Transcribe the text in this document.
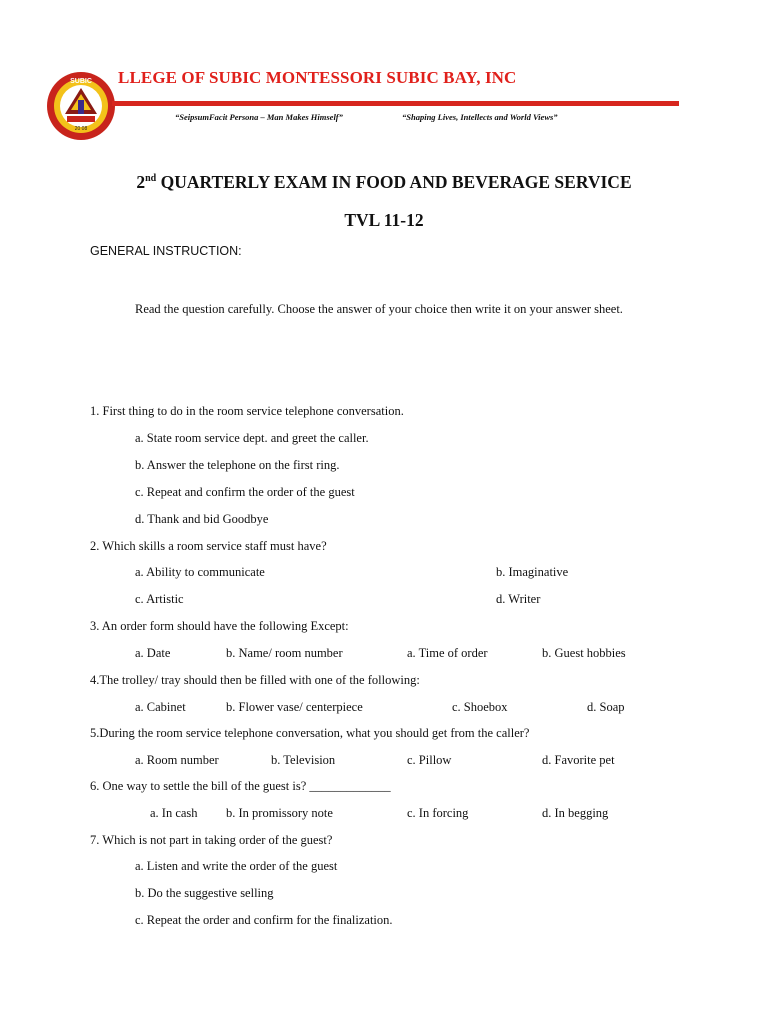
SUBIC
20 08
LLEGE OF SUBIC MONTESSORI SUBIC BAY, INC
“SeipsumFacit Persona – Man Makes Himself”	“Shaping Lives, Intellects and World Views”
2nd QUARTERLY EXAM IN FOOD AND BEVERAGE SERVICE
TVL 11-12
GENERAL INSTRUCTION:
Read the question carefully. Choose the answer of your choice then write it on your answer sheet.
1. First thing to do in the room service telephone conversation.
a. State room service dept. and greet the caller.
b. Answer the telephone on the first ring.
c. Repeat and confirm the order of the guest
d. Thank and bid Goodbye
2. Which skills a room service staff must have?
a. Ability to communicate	b. Imaginative
c. Artistic	d. Writer
3. An order form should have the following Except:
a. Date	b. Name/ room number	a. Time of order	b. Guest hobbies
4.The trolley/ tray should then be filled with one of the following:
a. Cabinet	b. Flower vase/ centerpiece	c. Shoebox	d. Soap
5.During the room service telephone conversation, what you should get from the caller?
a. Room number	b. Television	c. Pillow	d. Favorite pet
6. One way to settle the bill of the guest is? _____________
a. In cash b. In promissory note	c. In forcing	d. In begging
7. Which is not part in taking order of the guest?
a. Listen and write the order of the guest
b. Do the suggestive selling
c. Repeat the order and confirm for the finalization.
